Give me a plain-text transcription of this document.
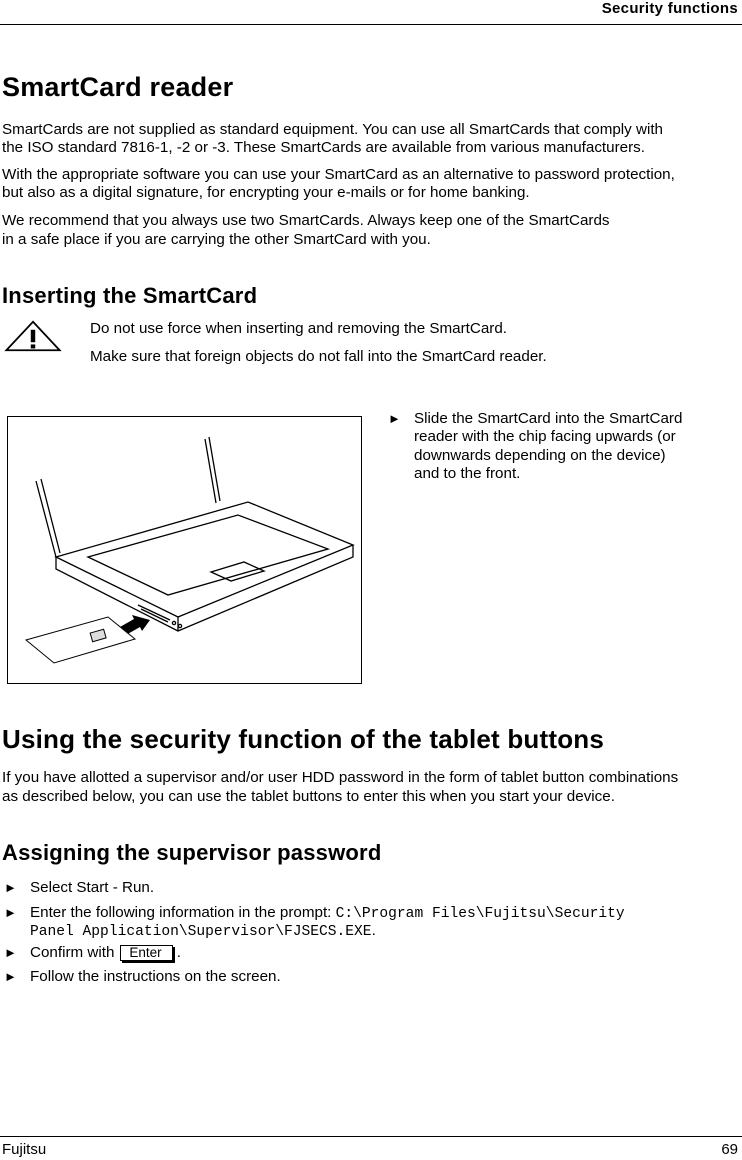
Security functions
SmartCard reader

SmartCards are not supplied as standard equipment. You can use all SmartCards that comply with

the ISO standard 7816-1, -2 or -3. These SmartCards are available from various manufacturers.

With the appropriate software you can use your SmartCard as an alternative to password protection,

but also as a digital signature, for encrypting your e-mails or for home banking.

We recommend that you always use two SmartCards. Always keep one of the SmartCards

in a safe place if you are carrying the other SmartCard with you.

Inserting the SmartCard

Do not use force when inserting and removing the SmartCard.

Make sure that foreign objects do not fall into the SmartCard reader.

► Slide the SmartCard into the SmartCard
reader with the chip facing upwards (or
downwards depending on the device)
and to the front.
Using the security function of the tablet buttons

If you have allotted a supervisor and/or user HDD password in the form of tablet button combinations

as described below, you can use the tablet buttons to enter this when you start your device.

Assigning the supervisor password
► Select Start - Run.
► Enter the following information in the prompt: C:\Program Files\Fujitsu\Security
Panel Application\Supervisor\FJSECS.EXE.
► Confirm with Enter .
► Follow the instructions on the screen.
Fujitsu	69
